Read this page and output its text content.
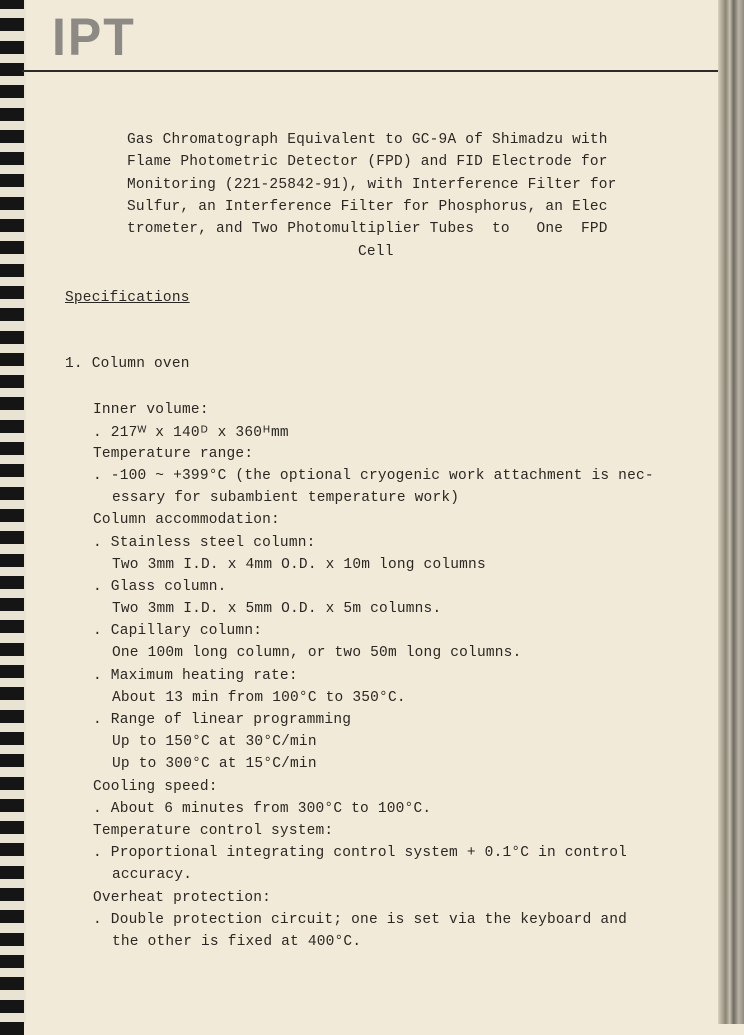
IPT
Gas Chromatograph Equivalent to GC-9A of Shimadzu with
Flame Photometric Detector (FPD) and FID Electrode for
Monitoring (221-25842-91), with Interference Filter for
Sulfur, an Interference Filter for Phosphorus, an Elec
trometer, and Two Photomultiplier Tubes  to   One  FPD
Cell
Specifications
1. Column oven
Inner volume:
. 217ᵂ x 140ᴰ x 360ᴴmm
Temperature range:
. -100 ~ +399°C (the optional cryogenic work attachment is nec-
essary for subambient temperature work)
Column accommodation:
. Stainless steel column:
Two 3mm I.D. x 4mm O.D. x 10m long columns
. Glass column.
Two 3mm I.D. x 5mm O.D. x 5m columns.
. Capillary column:
One 100m long column, or two 50m long columns.
. Maximum heating rate:
About 13 min from 100°C to 350°C.
. Range of linear programming
Up to 150°C at 30°C/min
Up to 300°C at 15°C/min
Cooling speed:
. About 6 minutes from 300°C to 100°C.
Temperature control system:
. Proportional integrating control system + 0.1°C in control
accuracy.
Overheat protection:
. Double protection circuit; one is set via the keyboard and
the other is fixed at 400°C.
